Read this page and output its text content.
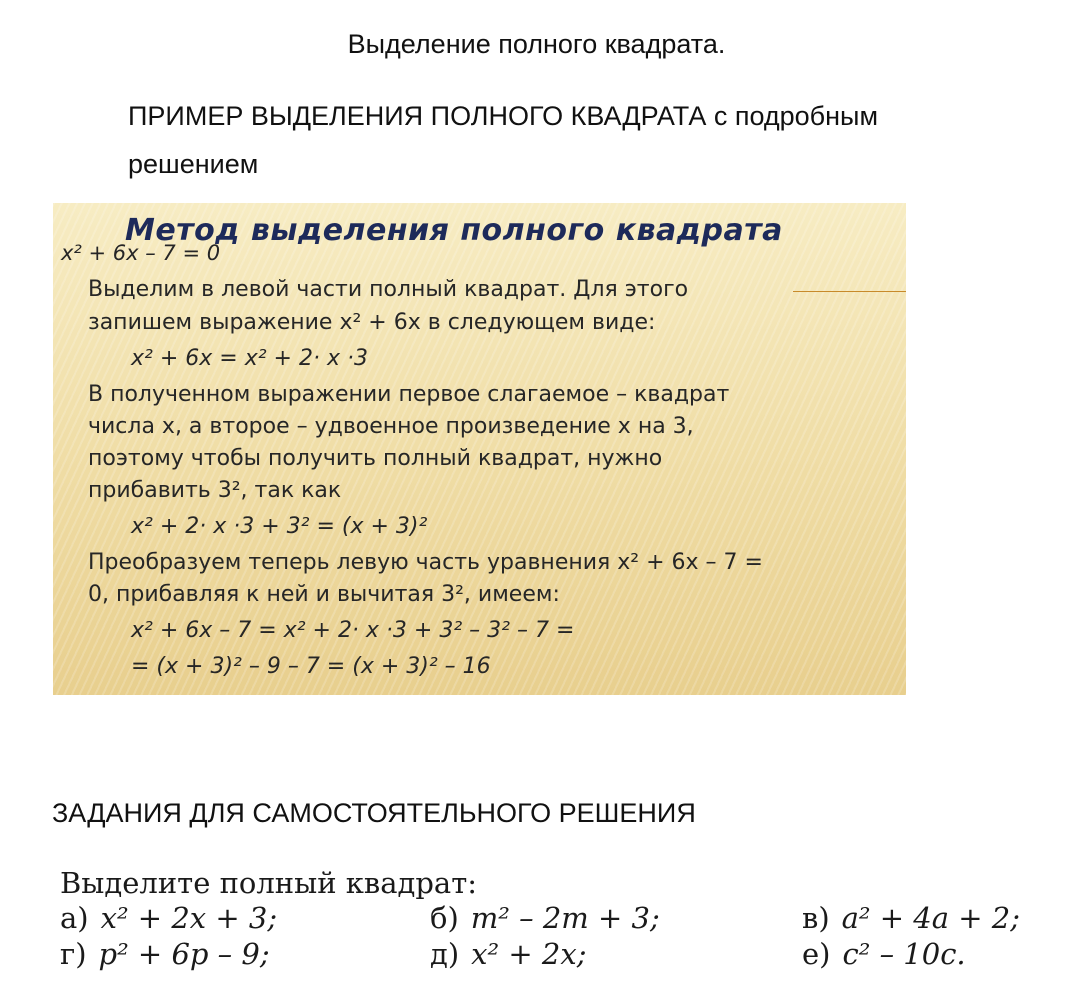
Выделение полного квадрата.
ПРИМЕР ВЫДЕЛЕНИЯ ПОЛНОГО КВАДРАТА с подробным
решением
Метод выделения полного квадрата
x² + 6x – 7 = 0
Выделим в левой части полный квадрат. Для этого
запишем выражение x² + 6x в следующем виде:
x² + 6x = x² + 2· x ·3
В полученном выражении первое слагаемое – квадрат
числа x, а второе – удвоенное произведение x на 3,
поэтому чтобы получить полный квадрат, нужно
прибавить 3², так как
x² + 2· x ·3 + 3² = (x + 3)²
Преобразуем теперь левую часть уравнения x² + 6x – 7 =
0, прибавляя к ней и вычитая 3², имеем:
x² + 6x – 7 = x² + 2· x ·3 + 3² – 3² – 7 =
= (x + 3)² – 9 – 7 = (x + 3)² – 16
ЗАДАНИЯ ДЛЯ САМОСТОЯТЕЛЬНОГО РЕШЕНИЯ
Выделите полный квадрат:
а) x² + 2x + 3;	б) m² – 2m + 3;	в) a² + 4a + 2;
г) p² + 6p – 9;	д) x² + 2x;	е) c² – 10c.
